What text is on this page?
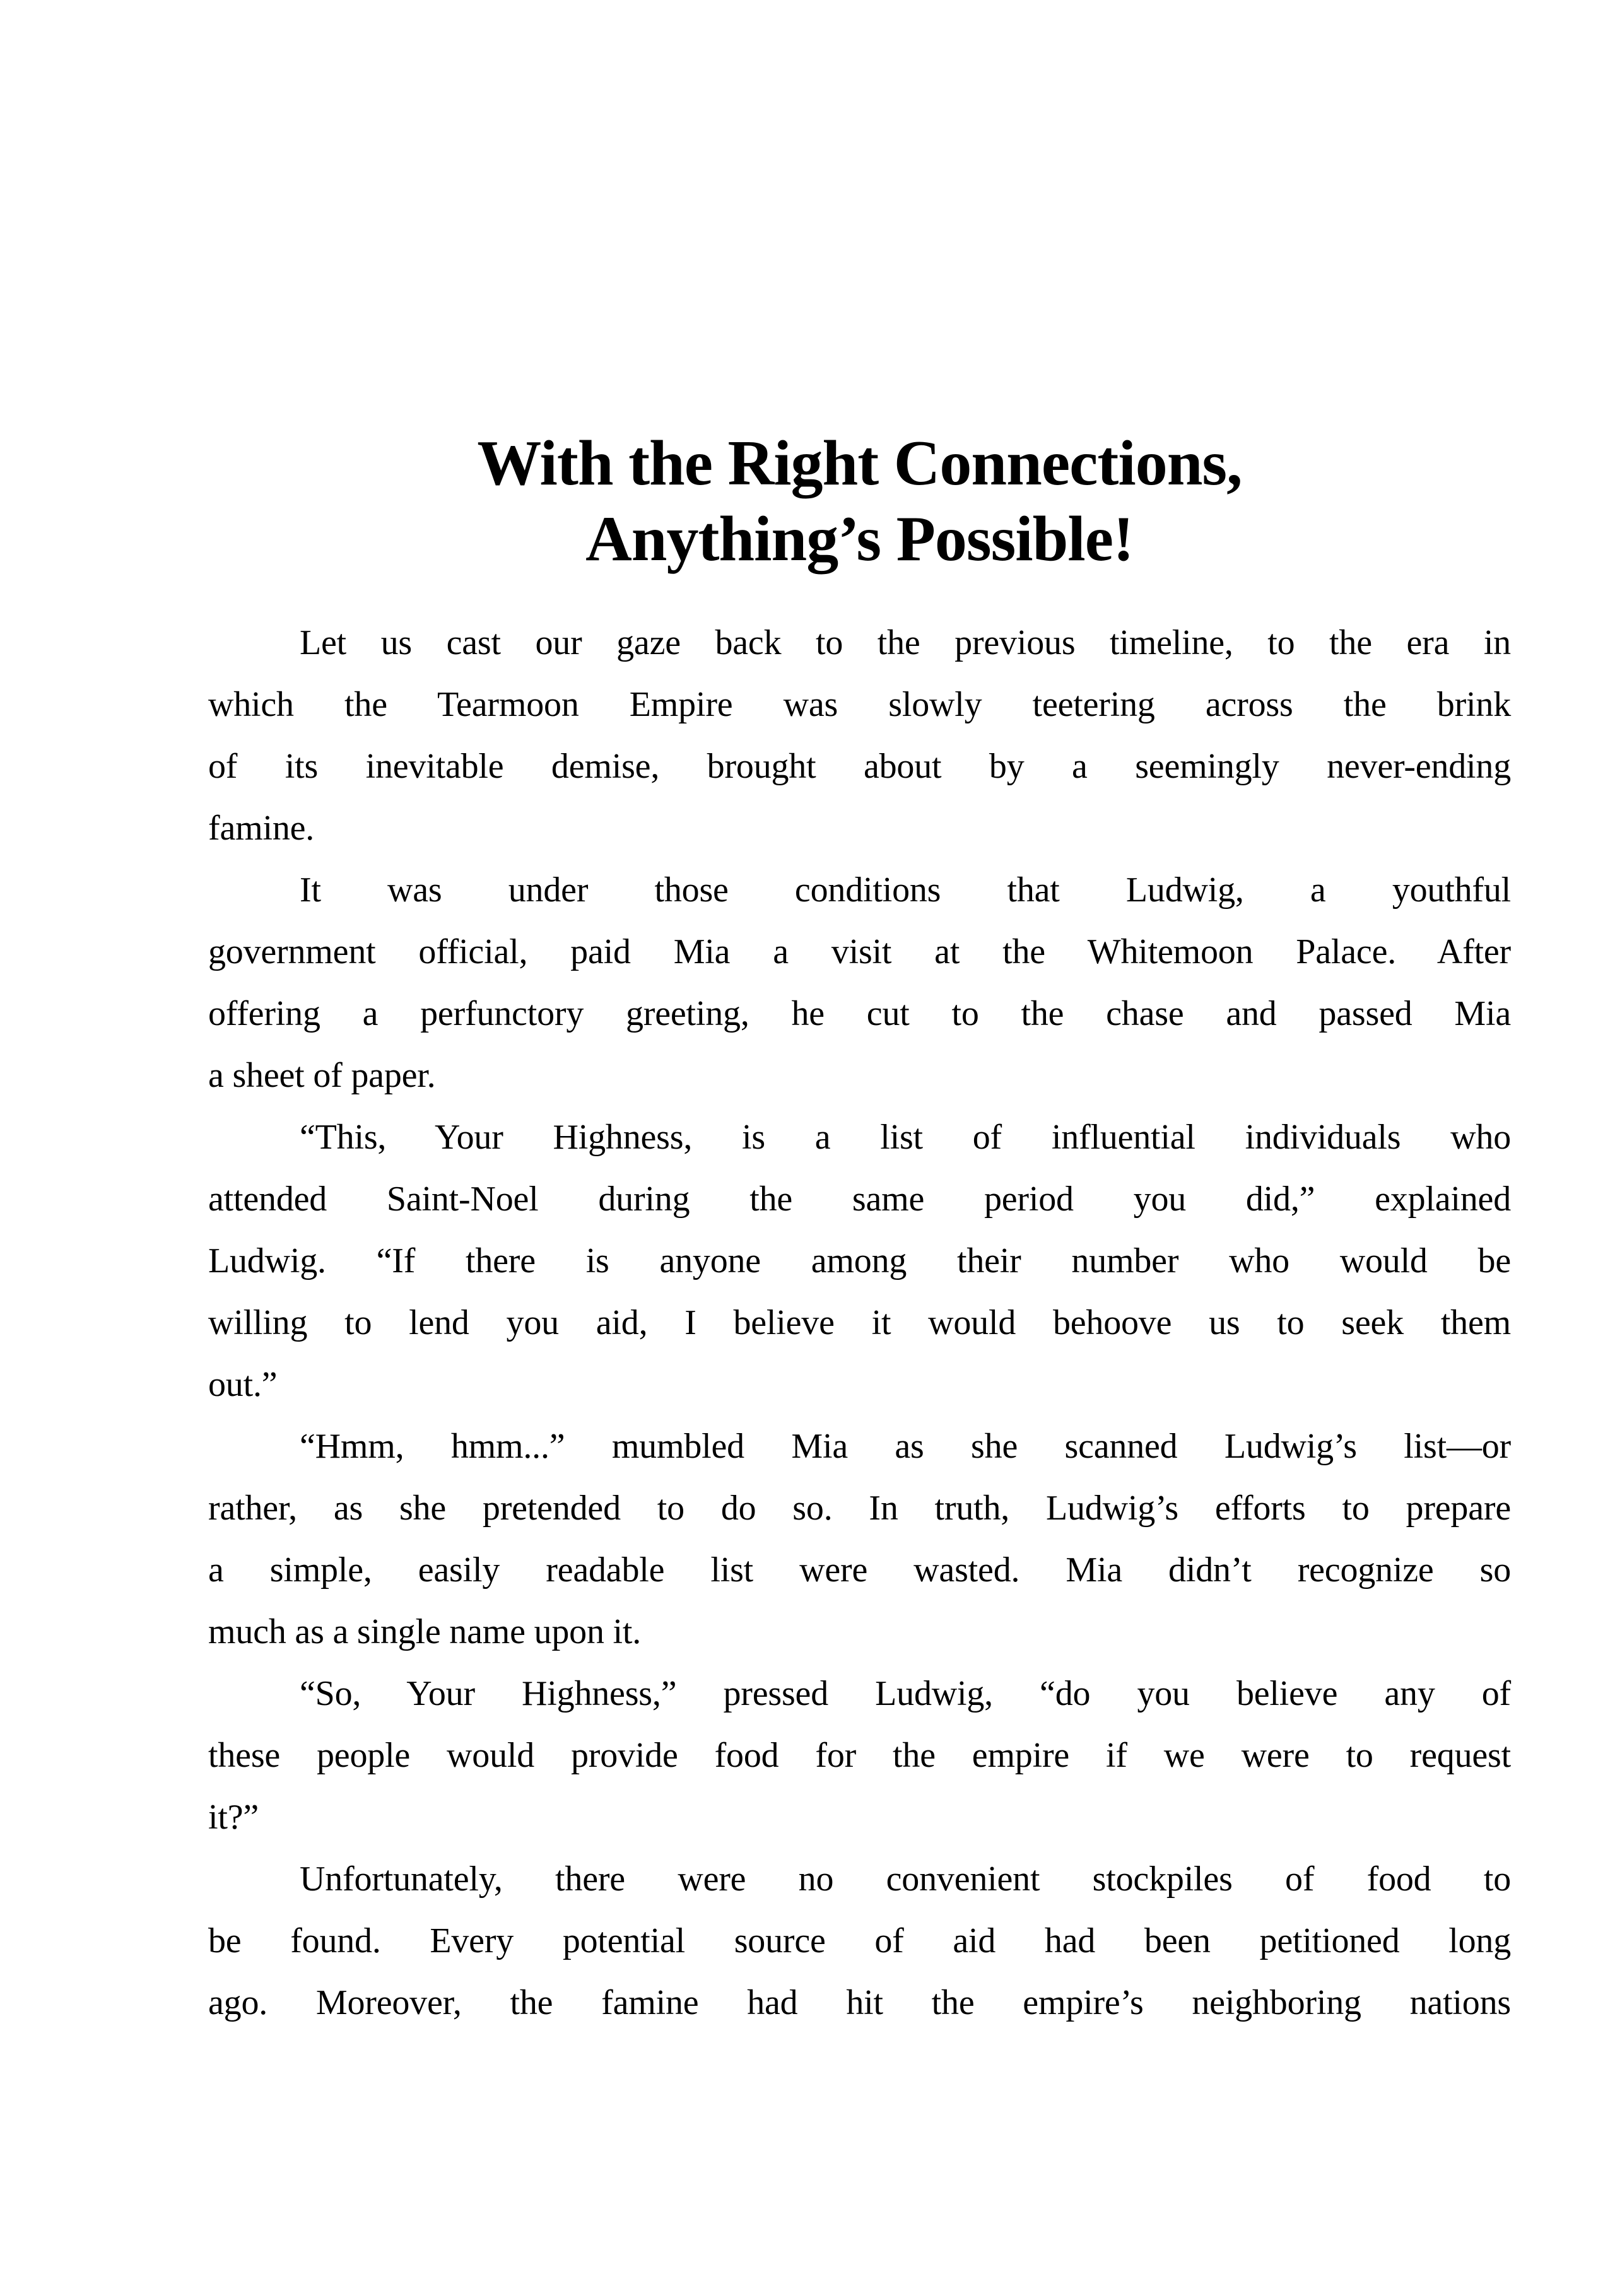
With the Right Connections,
Anything’s Possible!
Let us cast our gaze back to the previous timeline, to the era in
which the Tearmoon Empire was slowly teetering across the brink
of its inevitable demise, brought about by a seemingly never-ending
famine.
It was under those conditions that Ludwig, a youthful
government official, paid Mia a visit at the Whitemoon Palace. After
offering a perfunctory greeting, he cut to the chase and passed Mia
a sheet of paper.
“This, Your Highness, is a list of influential individuals who
attended Saint-Noel during the same period you did,” explained
Ludwig. “If there is anyone among their number who would be
willing to lend you aid, I believe it would behoove us to seek them
out.”
“Hmm, hmm...” mumbled Mia as she scanned Ludwig’s list—or
rather, as she pretended to do so. In truth, Ludwig’s efforts to prepare
a simple, easily readable list were wasted. Mia didn’t recognize so
much as a single name upon it.
“So, Your Highness,” pressed Ludwig, “do you believe any of
these people would provide food for the empire if we were to request
it?”
Unfortunately, there were no convenient stockpiles of food to
be found. Every potential source of aid had been petitioned long
ago. Moreover, the famine had hit the empire’s neighboring nations
